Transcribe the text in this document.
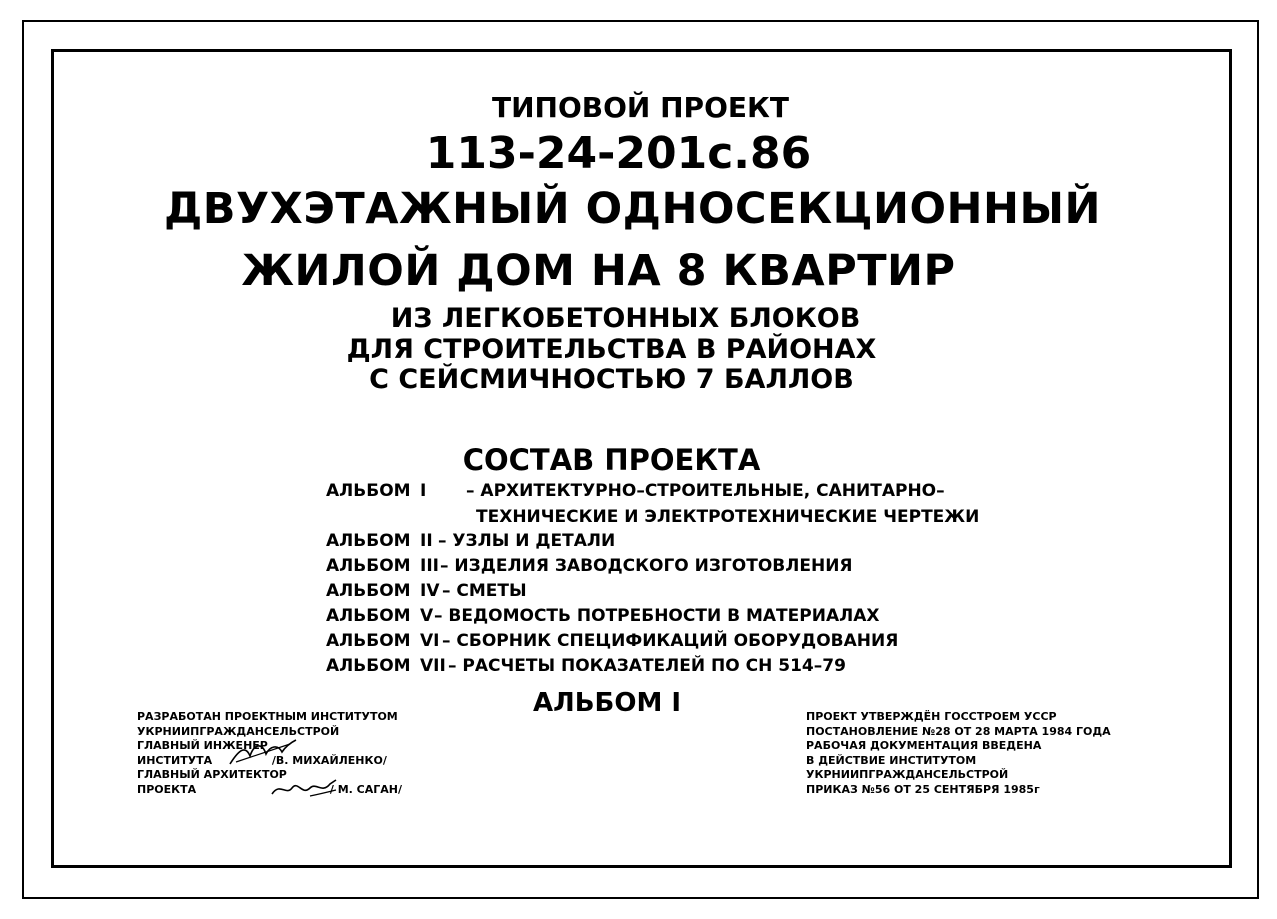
ТИПОВОЙ ПРОЕКТ
113-24-201с.86
ДВУХЭТАЖНЫЙ ОДНОСЕКЦИОННЫЙ
ЖИЛОЙ ДОМ НА 8 КВАРТИР
ИЗ ЛЕГКОБЕТОННЫХ БЛОКОВ
ДЛЯ СТРОИТЕЛЬСТВА В РАЙОНАХ
С СЕЙСМИЧНОСТЬЮ 7 БАЛЛОВ
СОСТАВ ПРОЕКТА
АЛЬБОМ I – АРХИТЕКТУРНО–СТРОИТЕЛЬНЫЕ, САНИТАРНО–
ТЕХНИЧЕСКИЕ И ЭЛЕКТРОТЕХНИЧЕСКИЕ ЧЕРТЕЖИ
АЛЬБОМ II – УЗЛЫ И ДЕТАЛИ
АЛЬБОМ III – ИЗДЕЛИЯ ЗАВОДСКОГО ИЗГОТОВЛЕНИЯ
АЛЬБОМ IV – СМЕТЫ
АЛЬБОМ V – ВЕДОМОСТЬ ПОТРЕБНОСТИ В МАТЕРИАЛАХ
АЛЬБОМ VI – СБОРНИК СПЕЦИФИКАЦИЙ ОБОРУДОВАНИЯ
АЛЬБОМ VII – РАСЧЕТЫ ПОКАЗАТЕЛЕЙ ПО СН 514–79
АЛЬБОМ I
РАЗРАБОТАН ПРОЕКТНЫМ ИНСТИТУТОМ
УКРНИИПГРАЖДАНСЕЛЬСТРОЙ
ГЛАВНЫЙ ИНЖЕНЕР
ИНСТИТУТА	/В. МИХАЙЛЕНКО/
ГЛАВНЫЙ АРХИТЕКТОР
ПРОЕКТА	/ М. САГАН/
ПРОЕКТ УТВЕРЖДЁН ГОССТРОЕМ УССР
ПОСТАНОВЛЕНИЕ №28 ОТ 28 МАРТА 1984 ГОДА
РАБОЧАЯ ДОКУМЕНТАЦИЯ ВВЕДЕНА
В ДЕЙСТВИЕ ИНСТИТУТОМ
УКРНИИПГРАЖДАНСЕЛЬСТРОЙ
ПРИКАЗ №56 ОТ 25 СЕНТЯБРЯ 1985г
